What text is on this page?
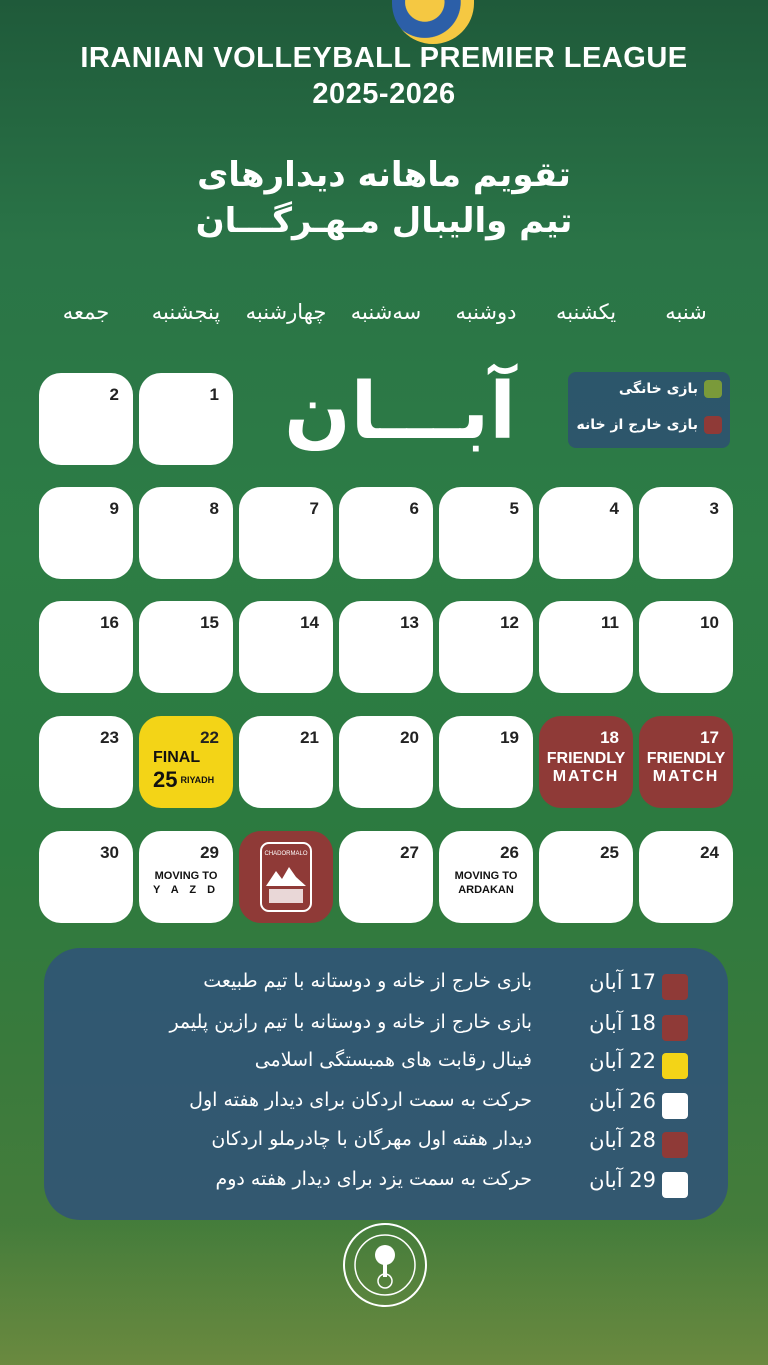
IRANIAN VOLLEYBALL PREMIER LEAGUE
2025-2026
تقویم ماهانه دیدارهای
تیم والیبال مـهـرگـــان
شنبه
یکشنبه
دوشنبه
سه‌شنبه
چهارشنبه
پنجشنبه
جمعه
آبـــان	بازی خانگی
بازی خارج از خانه
1
2
3
4
5
6
7
8
9
10
11
12
13
14
15
16
17
FRIENDLY
MATCH
18
FRIENDLY
MATCH
19
20
21
22
FINAL
25 RIYADH
23
24
25
26
MOVING TO
ARDAKAN
27
CHADORMALO
29
MOVING TO
Y A Z D
30
17 آبان
بازی خارج از خانه و دوستانه با تیم طبیعت
18 آبان
بازی خارج از خانه و دوستانه با تیم رازین پلیمر
22 آبان
فینال رقابت های همبستگی اسلامی
26 آبان
حرکت به سمت اردکان برای دیدار هفته اول
28 آبان
دیدار هفته اول مهرگان با چادرملو اردکان
29 آبان
حرکت به سمت یزد برای دیدار هفته دوم
